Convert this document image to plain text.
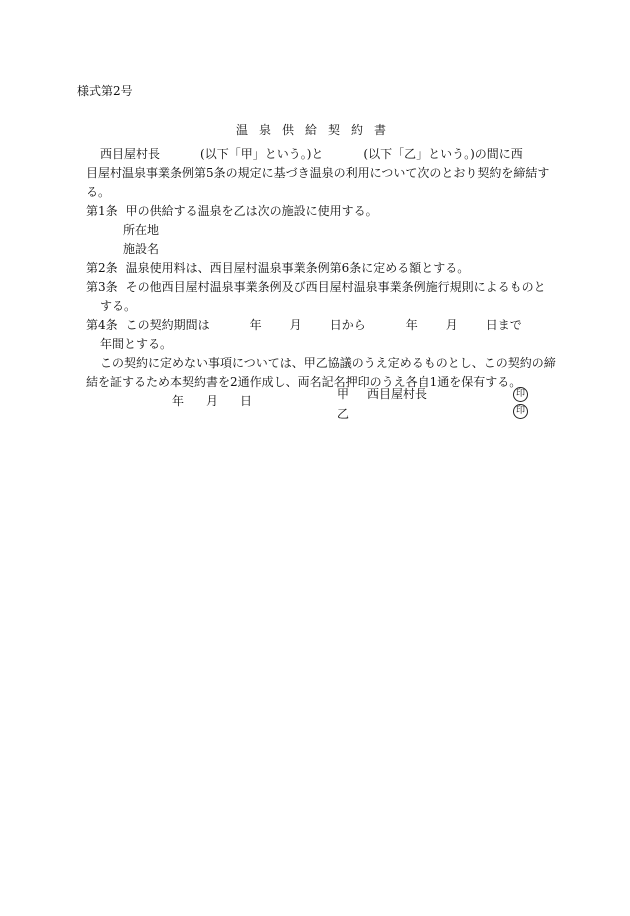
様式第2号
温泉供給契約書

西目屋村長	(以下「甲」という。)と	(以下「乙」という。)の間に西

目屋村温泉事業条例第5条の規定に基づき温泉の利用について次のとおり契約を締結す

る。

第1条 甲の供給する温泉を乙は次の施設に使用する。

所在地

施設名

第2条 温泉使用料は、西目屋村温泉事業条例第6条に定める額とする。

第3条 その他西目屋村温泉事業条例及び西目屋村温泉事業条例施行規則によるものと

する。

第4条 この契約期間は	年 月 日から	年 月 日まで

年間とする。

この契約に定めない事項については、甲乙協議のうえ定めるものとし、この契約の締

結を証するため本契約書を2通作成し、両名記名押印のうえ各自1通を保有する。

年 月 日	甲 西目屋村長	印
乙	印
